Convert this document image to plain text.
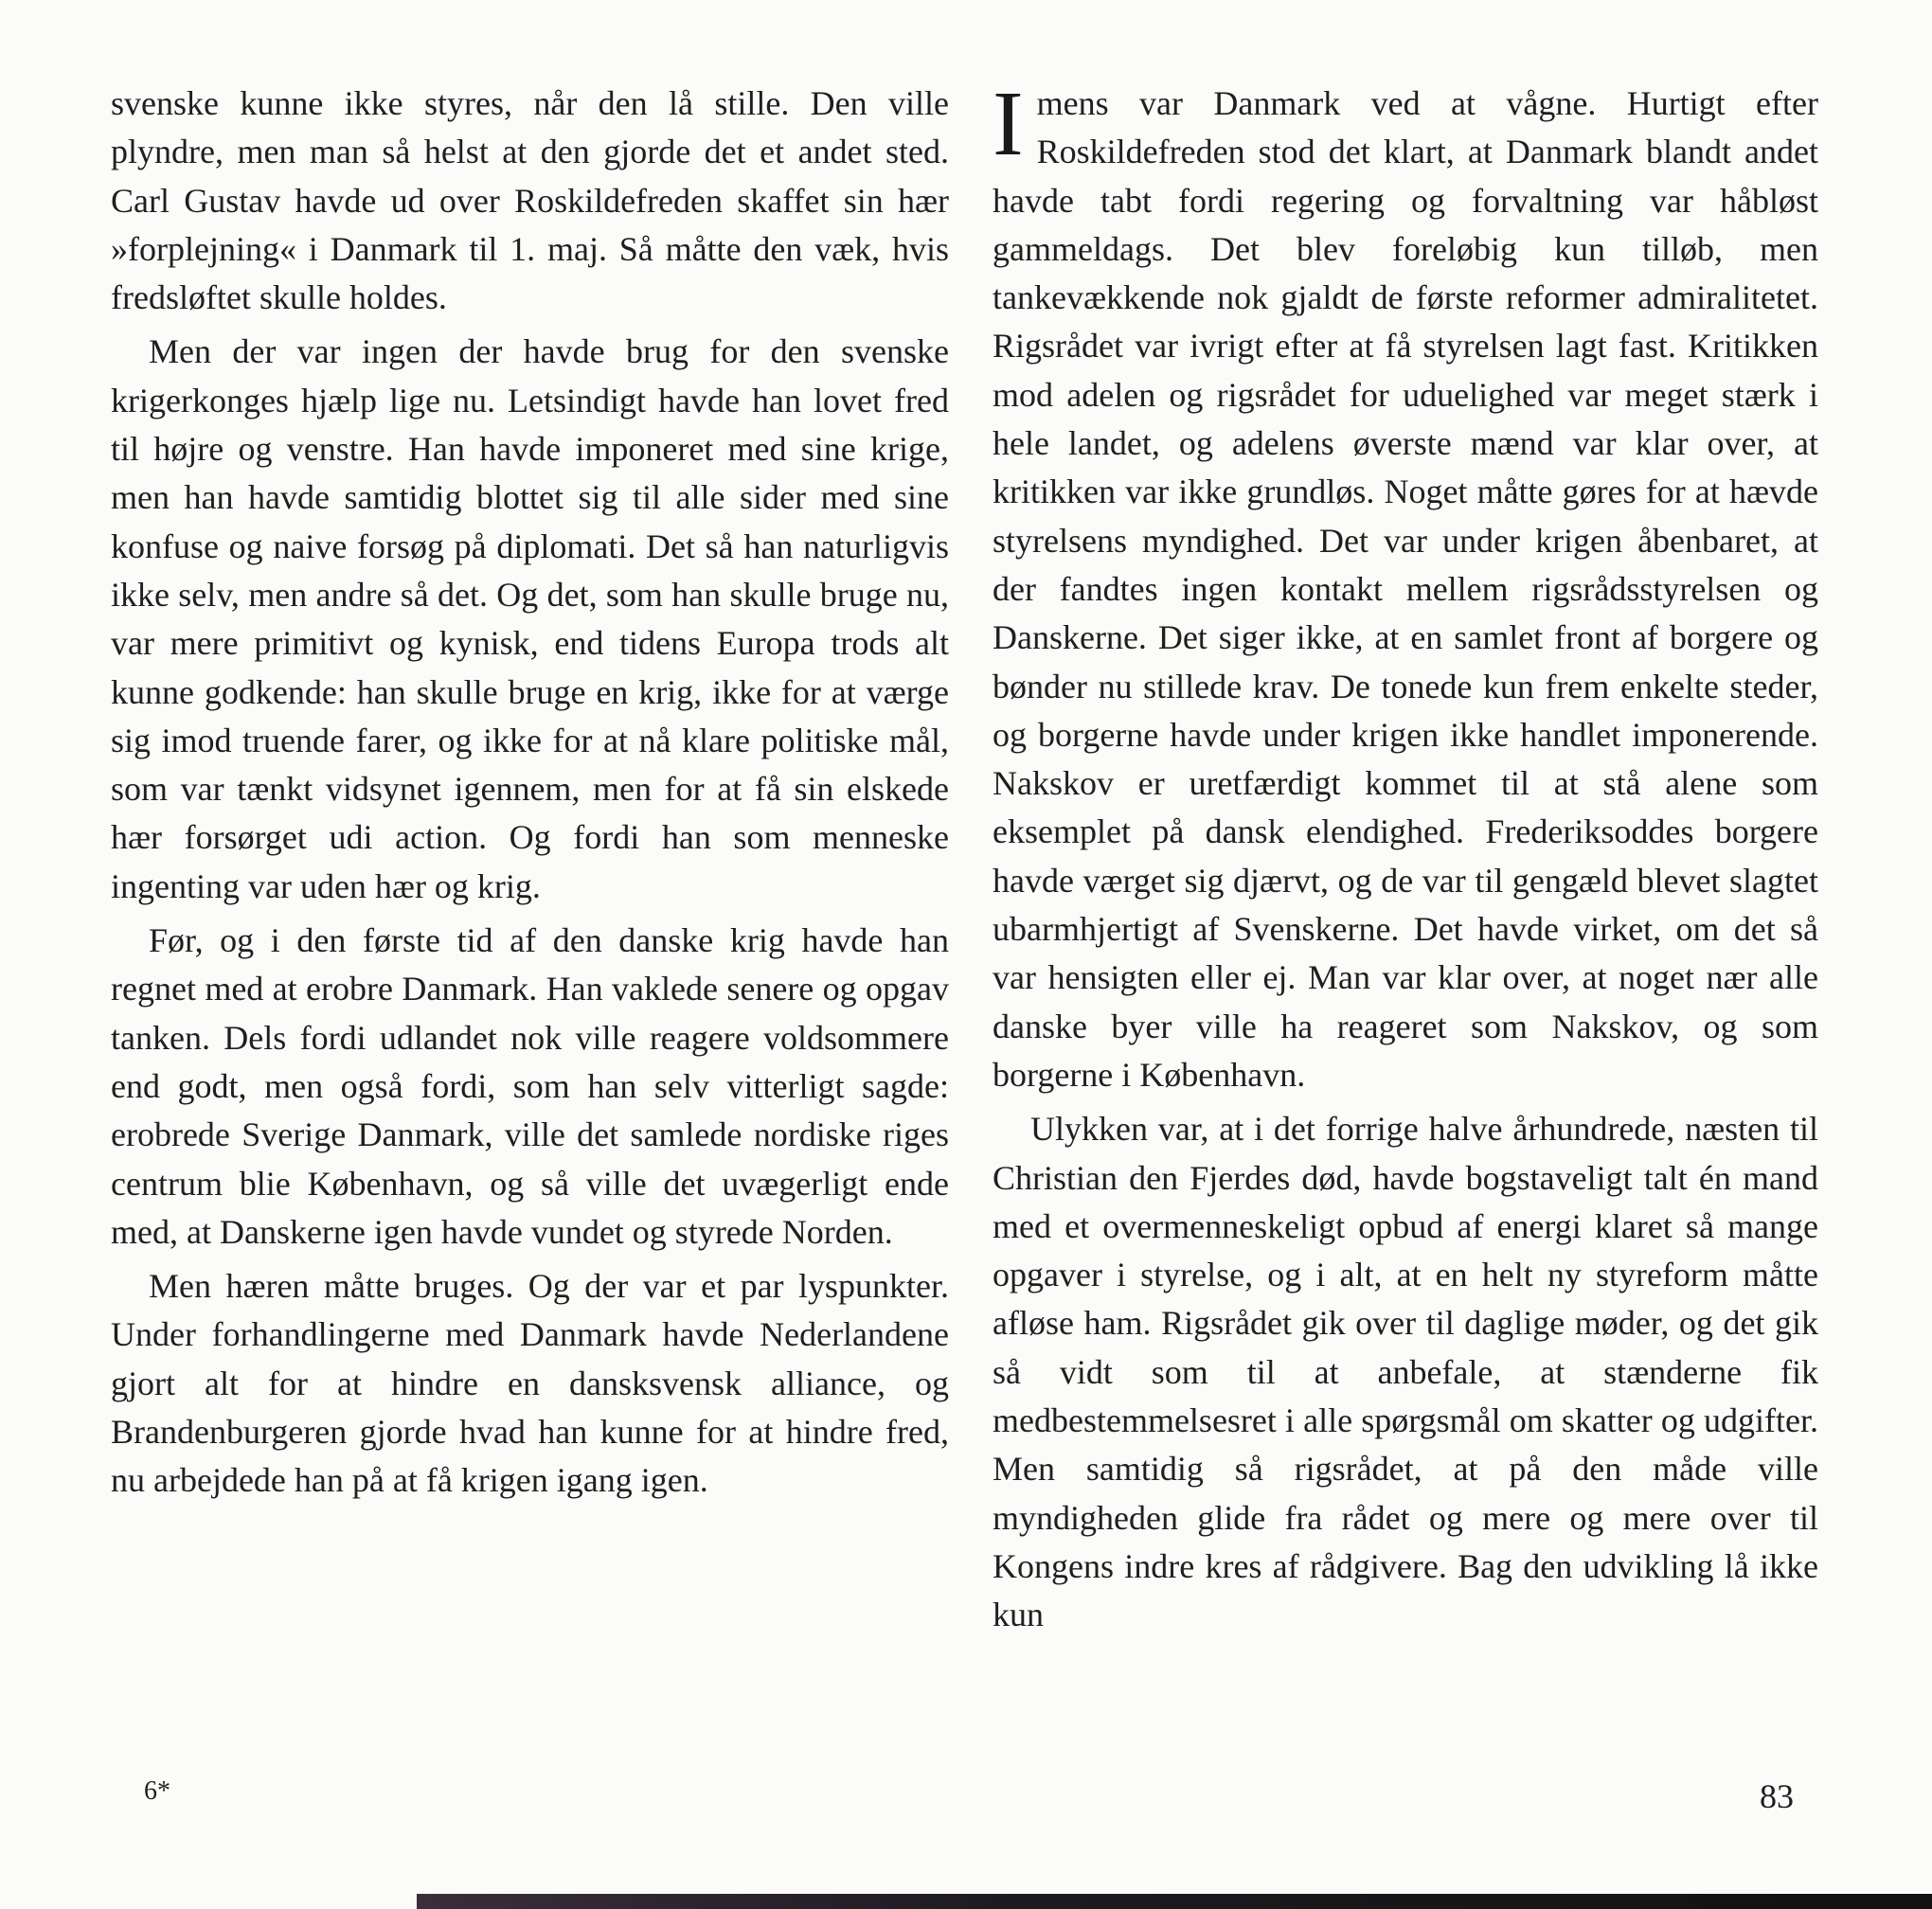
svenske kunne ikke styres, når den lå stille. Den ville plyndre, men man så helst at den gjorde det et andet sted. Carl Gustav havde ud over Roskildefreden skaffet sin hær »forplejning« i Danmark til 1. maj. Så måtte den væk, hvis fredsløftet skulle holdes.

Men der var ingen der havde brug for den svenske krigerkonges hjælp lige nu. Letsindigt havde han lovet fred til højre og venstre. Han havde imponeret med sine krige, men han havde samtidig blottet sig til alle sider med sine konfuse og naive forsøg på diplomati. Det så han naturligvis ikke selv, men andre så det. Og det, som han skulle bruge nu, var mere primitivt og kynisk, end tidens Europa trods alt kunne godkende: han skulle bruge en krig, ikke for at værge sig imod truende farer, og ikke for at nå klare politiske mål, som var tænkt vidsynet igennem, men for at få sin elskede hær forsørget udi action. Og fordi han som menneske ingenting var uden hær og krig.

Før, og i den første tid af den danske krig havde han regnet med at erobre Danmark. Han vaklede senere og opgav tanken. Dels fordi udlandet nok ville reagere voldsommere end godt, men også fordi, som han selv vitterligt sagde: erobrede Sverige Danmark, ville det samlede nordiske riges centrum blie København, og så ville det uvægerligt ende med, at Danskerne igen havde vundet og styrede Norden.

Men hæren måtte bruges. Og der var et par lyspunkter. Under forhandlingerne med Danmark havde Nederlandene gjort alt for at hindre en dansksvensk alliance, og Brandenburgeren gjorde hvad han kunne for at hindre fred, nu arbejdede han på at få krigen igang igen.

Imens var Danmark ved at vågne. Hurtigt efter Roskildefreden stod det klart, at Danmark blandt andet havde tabt fordi regering og forvaltning var håbløst gammeldags. Det blev foreløbig kun tilløb, men tankevækkende nok gjaldt de første reformer admiralitetet. Rigsrådet var ivrigt efter at få styrelsen lagt fast. Kritikken mod adelen og rigsrådet for uduelighed var meget stærk i hele landet, og adelens øverste mænd var klar over, at kritikken var ikke grundløs. Noget måtte gøres for at hævde styrelsens myndighed. Det var under krigen åbenbaret, at der fandtes ingen kontakt mellem rigsrådsstyrelsen og Danskerne. Det siger ikke, at en samlet front af borgere og bønder nu stillede krav. De tonede kun frem enkelte steder, og borgerne havde under krigen ikke handlet imponerende. Nakskov er uretfærdigt kommet til at stå alene som eksemplet på dansk elendighed. Frederiksoddes borgere havde værget sig djærvt, og de var til gengæld blevet slagtet ubarmhjertigt af Svenskerne. Det havde virket, om det så var hensigten eller ej. Man var klar over, at noget nær alle danske byer ville ha reageret som Nakskov, og som borgerne i København.

Ulykken var, at i det forrige halve århundrede, næsten til Christian den Fjerdes død, havde bogstaveligt talt én mand med et overmenneskeligt opbud af energi klaret så mange opgaver i styrelse, og i alt, at en helt ny styreform måtte afløse ham. Rigsrådet gik over til daglige møder, og det gik så vidt som til at anbefale, at stænderne fik medbestemmelsesret i alle spørgsmål om skatter og udgifter. Men samtidig så rigsrådet, at på den måde ville myndigheden glide fra rådet og mere og mere over til Kongens indre kres af rådgivere. Bag den udvikling lå ikke kun

6*	83
